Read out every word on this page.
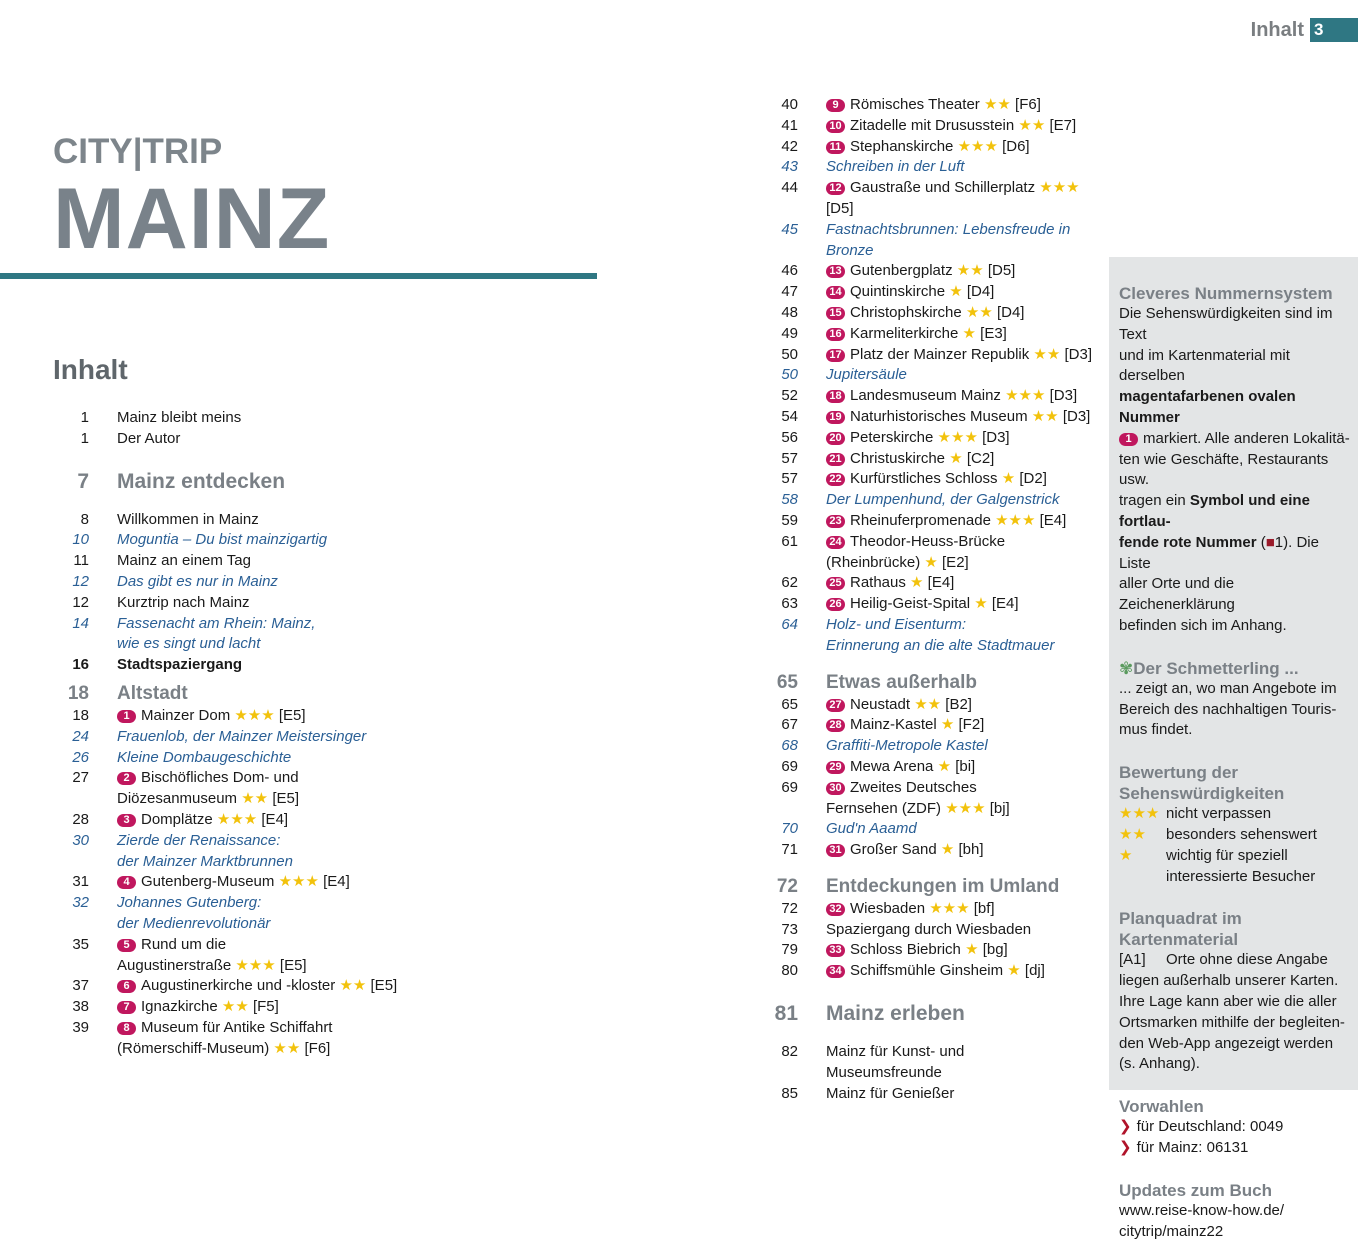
Inhalt 3
CITY|TRIP
MAINZ
Inhalt
1	Mainz bleibt meins
1	Der Autor
7	Mainz entdecken
8	Willkommen in Mainz
10	Moguntia – Du bist mainzigartig
11	Mainz an einem Tag
12	Das gibt es nur in Mainz
12	Kurztrip nach Mainz
14	Fassenacht am Rhein: Mainz,
wie es singt und lacht
16	Stadtspaziergang
18	Altstadt
18	1 Mainzer Dom ★★★ [E5]
24	Frauenlob, der Mainzer Meistersinger
26	Kleine Dombaugeschichte
27	2 Bischöfliches Dom- und
Diözesanmuseum ★★ [E5]
28	3 Domplätze ★★★ [E4]
30	Zierde der Renaissance:
der Mainzer Marktbrunnen
31	4 Gutenberg-Museum ★★★ [E4]
32	Johannes Gutenberg:
der Medienrevolutionär
35	5 Rund um die
Augustinerstraße ★★★ [E5]
37	6 Augustinerkirche und -kloster ★★ [E5]
38	7 Ignazkirche ★★ [F5]
39	8 Museum für Antike Schiffahrt
(Römerschiff-Museum) ★★ [F6]
40	9 Römisches Theater ★★ [F6]
41	10 Zitadelle mit Drususstein ★★ [E7]
42	11 Stephanskirche ★★★ [D6]
43	Schreiben in der Luft
44	12 Gaustraße und Schillerplatz ★★★ [D5]
45	Fastnachtsbrunnen: Lebensfreude in Bronze
46	13 Gutenbergplatz ★★ [D5]
47	14 Quintinskirche ★ [D4]
48	15 Christophskirche ★★ [D4]
49	16 Karmeliterkirche ★ [E3]
50	17 Platz der Mainzer Republik ★★ [D3]
50	Jupitersäule
52	18 Landesmuseum Mainz ★★★ [D3]
54	19 Naturhistorisches Museum ★★ [D3]
56	20 Peterskirche ★★★ [D3]
57	21 Christuskirche ★ [C2]
57	22 Kurfürstliches Schloss ★ [D2]
58	Der Lumpenhund, der Galgenstrick
59	23 Rheinuferpromenade ★★★ [E4]
61	24 Theodor-Heuss-Brücke
(Rheinbrücke) ★ [E2]
62	25 Rathaus ★ [E4]
63	26 Heilig-Geist-Spital ★ [E4]
64	Holz- und Eisenturm:
Erinnerung an die alte Stadtmauer
65	Etwas außerhalb
65	27 Neustadt ★★ [B2]
67	28 Mainz-Kastel ★ [F2]
68	Graffiti-Metropole Kastel
69	29 Mewa Arena ★ [bi]
69	30 Zweites Deutsches
Fernsehen (ZDF) ★★★ [bj]
70	Gud'n Aaamd
71	31 Großer Sand ★ [bh]
72	Entdeckungen im Umland
72	32 Wiesbaden ★★★ [bf]
73	Spaziergang durch Wiesbaden
79	33 Schloss Biebrich ★ [bg]
80	34 Schiffsmühle Ginsheim ★ [dj]
81	Mainz erleben
82	Mainz für Kunst- und
Museumsfreunde
85	Mainz für Genießer
Cleveres Nummernsystem
Die Sehenswürdigkeiten sind im Text
und im Kartenmaterial mit derselben
magentafarbenen ovalen Nummer
1 markiert. Alle anderen Lokalitä-
ten wie Geschäfte, Restaurants usw.
tragen ein Symbol und eine fortlau-
fende rote Nummer (■1). Die Liste
aller Orte und die Zeichenerklärung
befinden sich im Anhang.
✾Der Schmetterling ...
... zeigt an, wo man Angebote im
Bereich des nachhaltigen Touris-
mus findet.
Bewertung der
Sehenswürdigkeiten
★★★ nicht verpassen
★★	besonders sehenswert
★	wichtig für speziell
interessierte Besucher
Planquadrat im Kartenmaterial
[A1] Orte ohne diese Angabe
liegen außerhalb unserer Karten.
Ihre Lage kann aber wie die aller
Ortsmarken mithilfe der begleiten-
den Web-App angezeigt werden
(s. Anhang).
Vorwahlen
❯ für Deutschland: 0049
❯ für Mainz: 06131
Updates zum Buch
www.reise-know-how.de/
citytrip/mainz22
